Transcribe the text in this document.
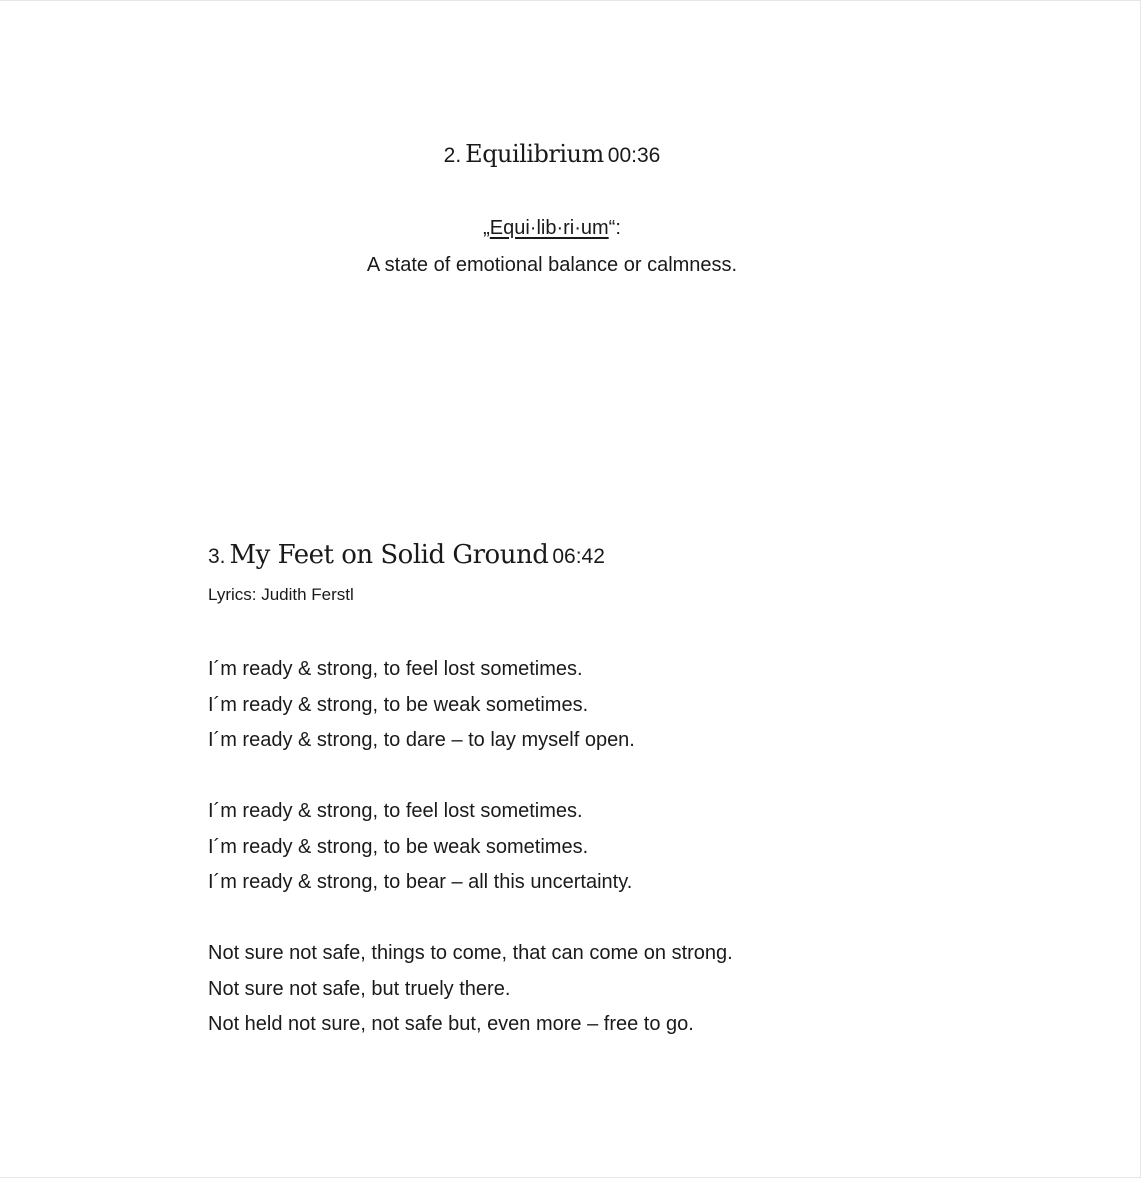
2. Equilibrium 00:36
„Equi·lib·ri·um“:
A state of emotional balance or calmness.
3. My Feet on Solid Ground 06:42
Lyrics: Judith Ferstl
I´m ready & strong, to feel lost sometimes.
I´m ready & strong, to be weak sometimes.
I´m ready & strong, to dare – to lay myself open.
I´m ready & strong, to feel lost sometimes.
I´m ready & strong, to be weak sometimes.
I´m ready & strong, to bear – all this uncertainty.
Not sure not safe, things to come, that can come on strong.
Not sure not safe, but truely there.
Not held not sure, not safe but, even more – free to go.
